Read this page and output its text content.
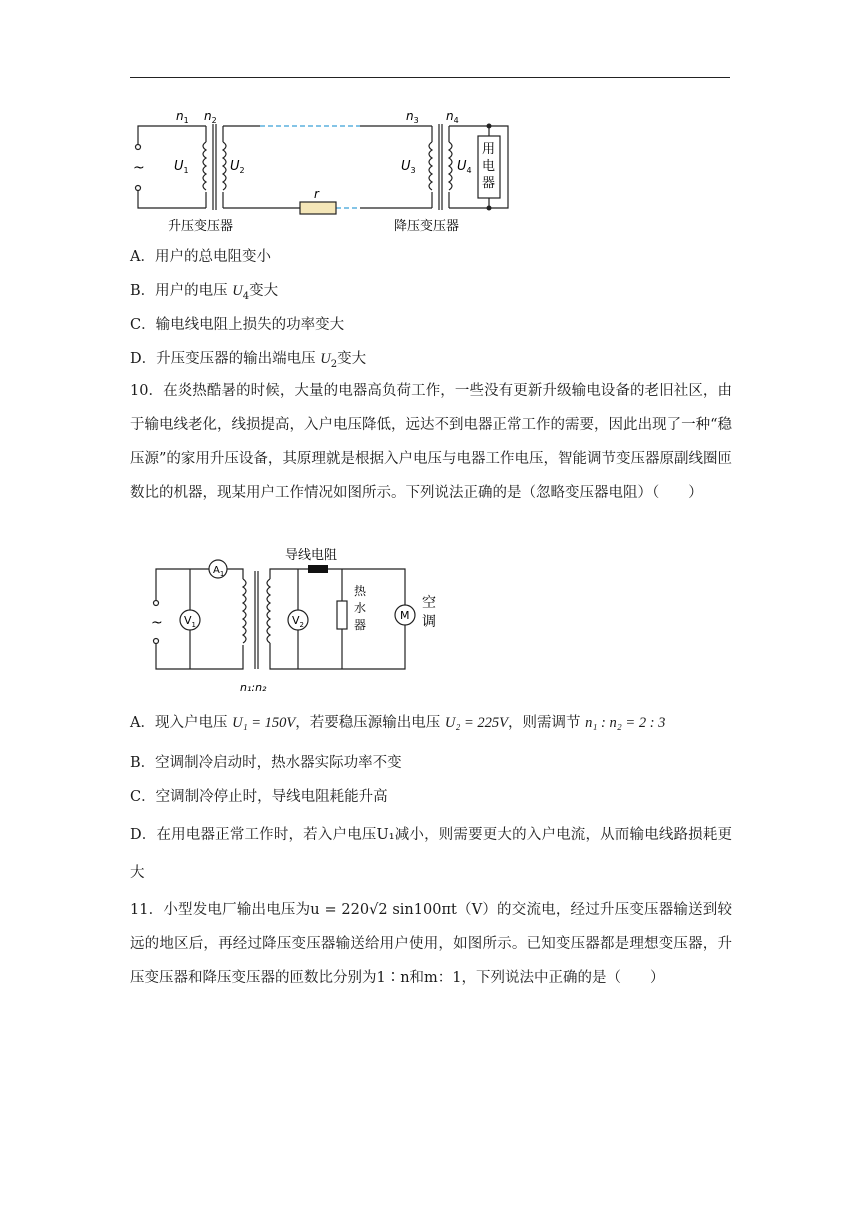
~
$n_1$ $n_2$
$U_1$	$U_2$
$n_3$ $n_4$
$U_3$	$U_4$
r
用
电
器
升压变压器	降压变压器
A．用户的总电阻变小
B．用户的电压 $U_4$变大
C．输电线电阻上损失的功率变大
D．升压变压器的输出端电压 $U_2$变大
10．在炎热酷暑的时候，大量的电器高负荷工作，一些没有更新升级输电设备的老旧社区，由于输电线老化，线损提高，入户电压降低，远达不到电器正常工作的需要，因此出现了一种“稳压源”的家用升压设备，其原理就是根据入户电压与电器工作电压，智能调节变压器原副线圈匝数比的机器，现某用户工作情况如图所示。下列说法正确的是（忽略变压器电阻）（　　）
导线电阻
$A_1$
$V_1$	$V_2$
~
热
水
器
M
空
调
n₁:n₂
A．现入户电压 U₁ = 150V，若要稳压源输出电压 U₂ = 225V，则需调节 n₁ : n₂ = 2 : 3
B．空调制冷启动时，热水器实际功率不变
C．空调制冷停止时，导线电阻耗能升高
D．在用电器正常工作时，若入户电压U₁减小，则需要更大的入户电流，从而输电线路损耗更大
11．小型发电厂输出电压为u = 220√2 sin100πt（V）的交流电，经过升压变压器输送到较远的地区后，再经过降压变压器输送给用户使用，如图所示。已知变压器都是理想变压器，升压变压器和降压变压器的匝数比分别为1∶n和m：1，下列说法中正确的是（　　）
